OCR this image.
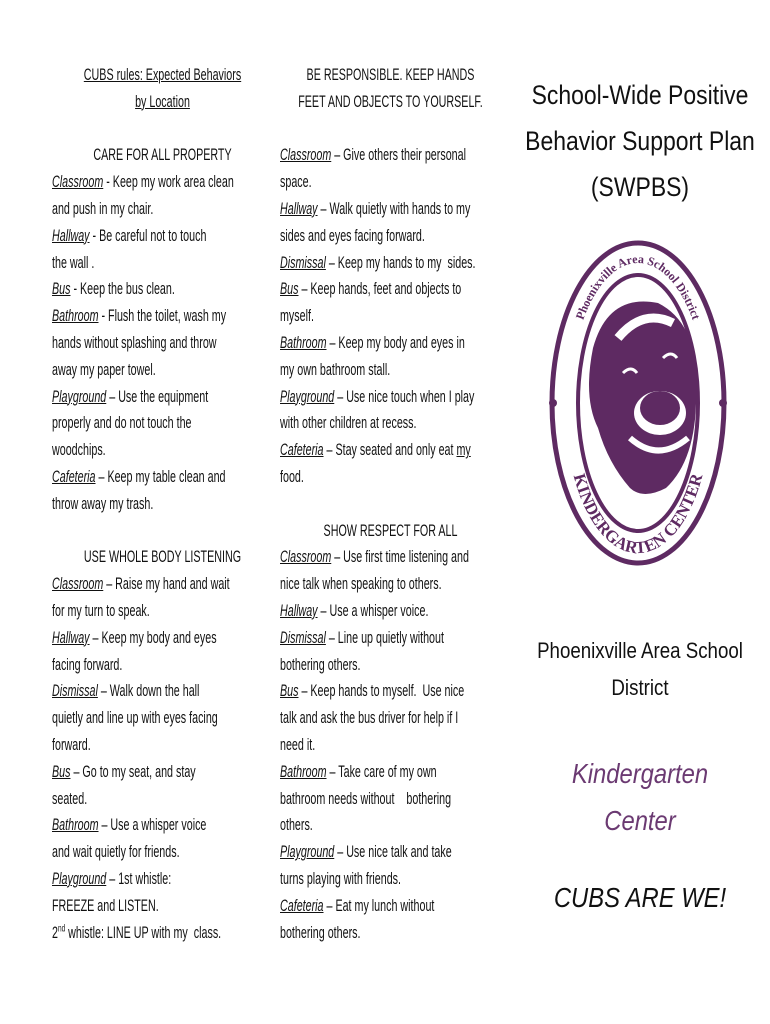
CUBS rules: Expected Behaviors
by Location

CARE FOR ALL PROPERTY

Classroom - Keep my work area clean
and push in my chair.

Hallway - Be careful not to touch
the wall .

Bus - Keep the bus clean.

Bathroom - Flush the toilet, wash my
hands without splashing and throw
away my paper towel.

Playground – Use the equipment
properly and do not touch the
woodchips.

Cafeteria – Keep my table clean and
throw away my trash.

USE WHOLE BODY LISTENING

Classroom – Raise my hand and wait
for my turn to speak.

Hallway – Keep my body and eyes
facing forward.

Dismissal – Walk down the hall
quietly and line up with eyes facing
forward.

Bus – Go to my seat, and stay
seated.

Bathroom – Use a whisper voice
and wait quietly for friends.

Playground – 1st whistle:
FREEZE and LISTEN.

2nd whistle: LINE UP with my  class.

BE RESPONSIBLE. KEEP HANDS
FEET AND OBJECTS TO YOURSELF.

Classroom – Give others their personal
space.

Hallway – Walk quietly with hands to my
sides and eyes facing forward.

Dismissal – Keep my hands to my  sides.

Bus – Keep hands, feet and objects to
myself.

Bathroom – Keep my body and eyes in
my own bathroom stall.

Playground – Use nice touch when I play
with other children at recess.

Cafeteria – Stay seated and only eat my
food.

SHOW RESPECT FOR ALL

Classroom – Use first time listening and
nice talk when speaking to others.

Hallway – Use a whisper voice.

Dismissal – Line up quietly without
bothering others.

Bus – Keep hands to myself.  Use nice
talk and ask the bus driver for help if I
need it.

Bathroom – Take care of my own
bathroom needs without    bothering
others.

Playground – Use nice talk and take
turns playing with friends.

Cafeteria – Eat my lunch without
bothering others.

School-Wide Positive
Behavior Support Plan
(SWPBS)
Phoenixville Area School District
KINDERGARTEN CENTER
Phoenixville Area School
District
Kindergarten
Center
CUBS ARE WE!
